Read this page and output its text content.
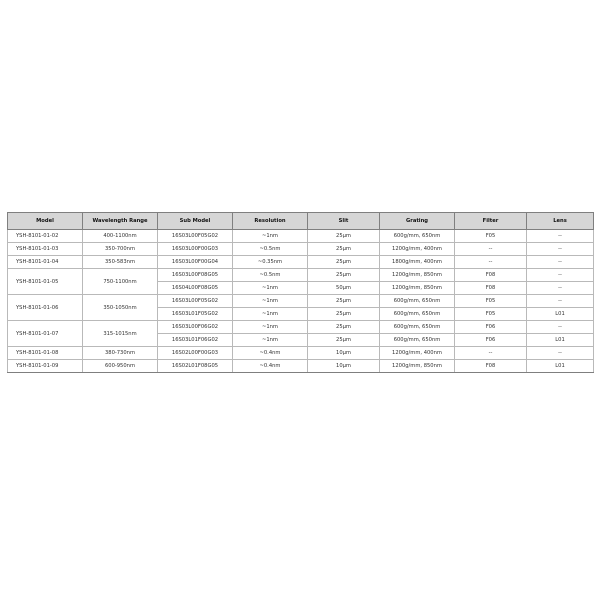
Model	Wavelength Range	Sub Model	Resolution	Slit	Grating	Filter	Lens
YSH-8101-01-02	400-1100nm	16S03L00F05G02	~1nm	25μm	600g/mm, 650nm	F05	--
YSH-8101-01-03	350-700nm	16S03L00F00G03	~0.5nm	25μm	1200g/mm, 400nm	--	--
YSH-8101-01-04	350-583nm	16S03L00F00G04	~0.35nm	25μm	1800g/mm, 400nm	--	--
YSH-8101-01-05	750-1100nm	16S03L00F08G05	~0.5nm	25μm	1200g/mm, 850nm	F08	--
		16S04L00F08G05	~1nm	50μm	1200g/mm, 850nm	F08	--
YSH-8101-01-06	350-1050nm	16S03L00F05G02	~1nm	25μm	600g/mm, 650nm	F05	--
		16S03L01F05G02	~1nm	25μm	600g/mm, 650nm	F05	L01
YSH-8101-01-07	315-1015nm	16S03L00F06G02	~1nm	25μm	600g/mm, 650nm	F06	--
		16S03L01F06G02	~1nm	25μm	600g/mm, 650nm	F06	L01
YSH-8101-01-08	380-730nm	16S02L00F00G03	~0.4nm	10μm	1200g/mm, 400nm	--	--
YSH-8101-01-09	600-950nm	16S02L01F08G05	~0.4nm	10μm	1200g/mm, 850nm	F08	L01
